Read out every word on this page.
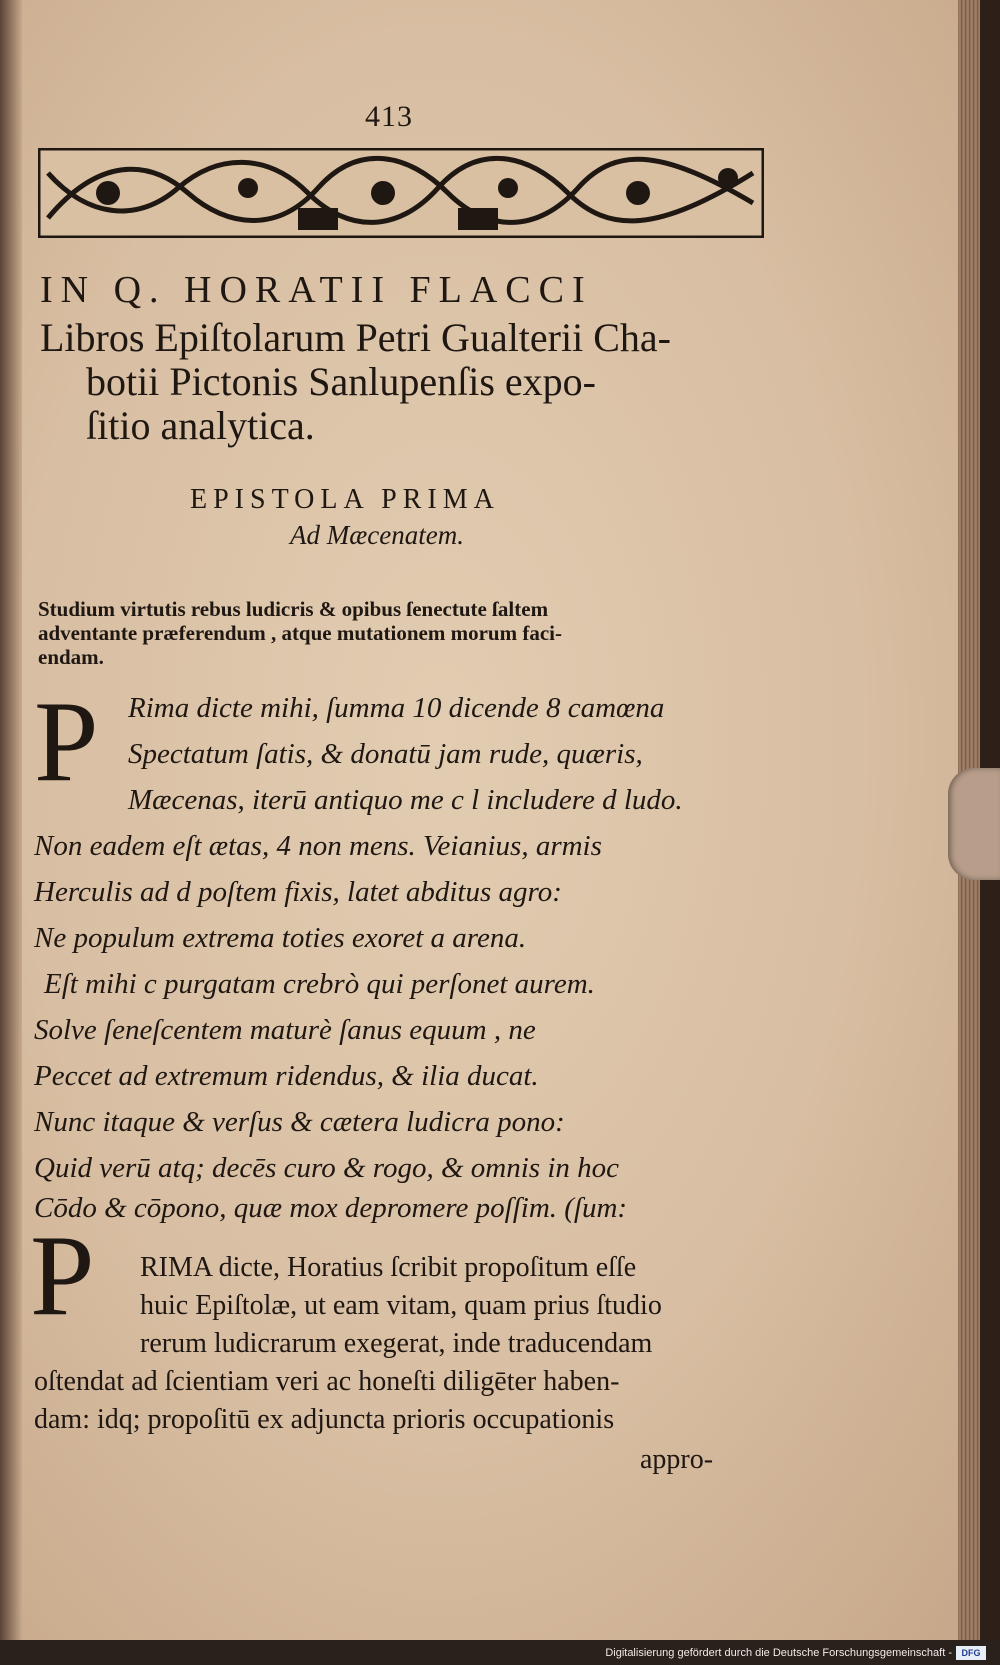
413
IN Q. HORATII FLACCI
Libros Epiſtolarum Petri Gualterii Cha-
botii Pictonis Sanlupenſis expo-
ſitio analytica.
EPISTOLA PRIMA
Ad Mæcenatem.
Studium virtutis rebus ludicris & opibus ſenectute ſaltem
adventante præferendum , atque mutationem morum faci-
endam.
P Rima dicte mihi, ſumma 10 dicende 8 camœna
Spectatum ſatis, & donatū jam rude, quæris,
Mæcenas, iterū antiquo me c l includere d ludo.
Non eadem eſt ætas, 4 non mens. Veianius, armis
Herculis ad d poſtem fixis, latet abditus agro:
Ne populum extrema toties exoret a arena.
Eſt mihi c purgatam crebrò qui perſonet aurem.
Solve ſeneſcentem maturè ſanus equum , ne
Peccet ad extremum ridendus, & ilia ducat.
Nunc itaque & verſus & cætera ludicra pono:
Quid verū atq; decēs curo & rogo, & omnis in hoc
Cōdo & cōpono, quæ mox depromere poſſim. (ſum:
P RIMA dicte, Horatius ſcribit propoſitum eſſe
huic Epiſtolæ, ut eam vitam, quam prius ſtudio
rerum ludicrarum exegerat, inde traducendam
oſtendat ad ſcientiam veri ac honeſti diligēter haben-
dam: idq; propoſitū ex adjuncta prioris occupationis
appro-
Digitalisierung gefördert durch die Deutsche Forschungsgemeinschaft -	DFG
